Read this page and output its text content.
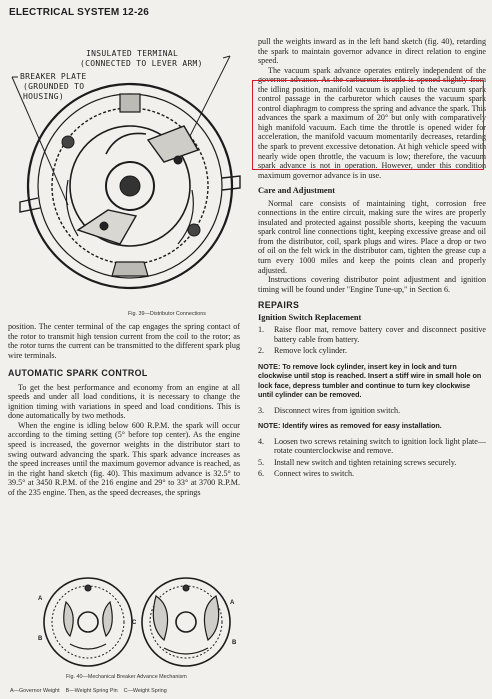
ELECTRICAL SYSTEM 12-26
INSULATED TERMINAL
(CONNECTED TO LEVER ARM)
BREAKER PLATE
(GROUNDED TO
HOUSING)
Fig. 39—Distributor Connections

position. The center terminal of the cap engages the spring contact of the rotor to transmit high tension current from the coil to the rotor; as the rotor turns the current can be transmitted to the different spark plug wire terminals.

AUTOMATIC SPARK CONTROL

To get the best performance and economy from an engine at all speeds and under all load conditions, it is necessary to change the ignition timing with variations in speed and load conditions. This is done automatically by two methods.

When the engine is idling below 600 R.P.M. the spark will occur according to the timing setting (5° before top center). As the engine speed is increased, the governor weights in the distributor start to swing outward advancing the spark. This spark advance increases as the speed increases until the maximum governor advance is reached, as in the right hand sketch (fig. 40). This maximum advance is 32.5° to 39.5° at 3450 R.P.M. of the 216 engine and 29° to 33° at 3700 R.P.M. of the 235 engine. Then, as the speed decreases, the springs

A
B
C
A
B
Fig. 40—Mechanical Breaker Advance Mechanism
A—Governor Weight    B—Weight Spring Pin    C—Weight Spring

pull the weights inward as in the left hand sketch (fig. 40), retarding the spark to maintain governor advance in direct relation to engine speed.

The vacuum spark advance operates entirely independent of the governor advance. As the carburetor throttle is opened slightly from the idling position, manifold vacuum is applied to the vacuum spark control passage in the carburetor which causes the vacuum spark control diaphragm to compress the spring and advance the spark. This advances the spark a maximum of 20° but only with comparatively high manifold vacuum. Each time the throttle is opened wider for acceleration, the manifold vacuum momentarily decreases, retarding the spark to prevent excessive detonation. At high vehicle speed with nearly wide open throttle, the vacuum is low; therefore, the vacuum spark advance is not in operation. However, under this condition maximum governor advance is in use.

Care and Adjustment

Normal care consists of maintaining tight, corrosion free connections in the entire circuit, making sure the wires are properly insulated and protected against possible shorts, keeping the vacuum spark control line connections tight, keeping excessive grease and oil from the distributor, coil, spark plugs and wires. Place a drop or two of oil on the felt wick in the distributor cam, tighten the grease cup a turn every 1000 miles and keep the points clean and properly adjusted.

Instructions covering distributor point adjustment and ignition timing will be found under "Engine Tune-up," in Section 6.

REPAIRS

Ignition Switch Replacement

1.	Raise floor mat, remove battery cover and disconnect positive battery cable from battery.
2.	Remove lock cylinder.

NOTE: To remove lock cylinder, insert key in lock and turn clockwise until stop is reached. Insert a stiff wire in small hole on lock face, depress tumbler and continue to turn key clockwise until cylinder can be removed.

3.	Disconnect wires from ignition switch.

NOTE: Identify wires as removed for easy installation.

4.	Loosen two screws retaining switch to ignition lock light plate—rotate counterclockwise and remove.
5.	Install new switch and tighten retaining screws securely.
6.	Connect wires to switch.
